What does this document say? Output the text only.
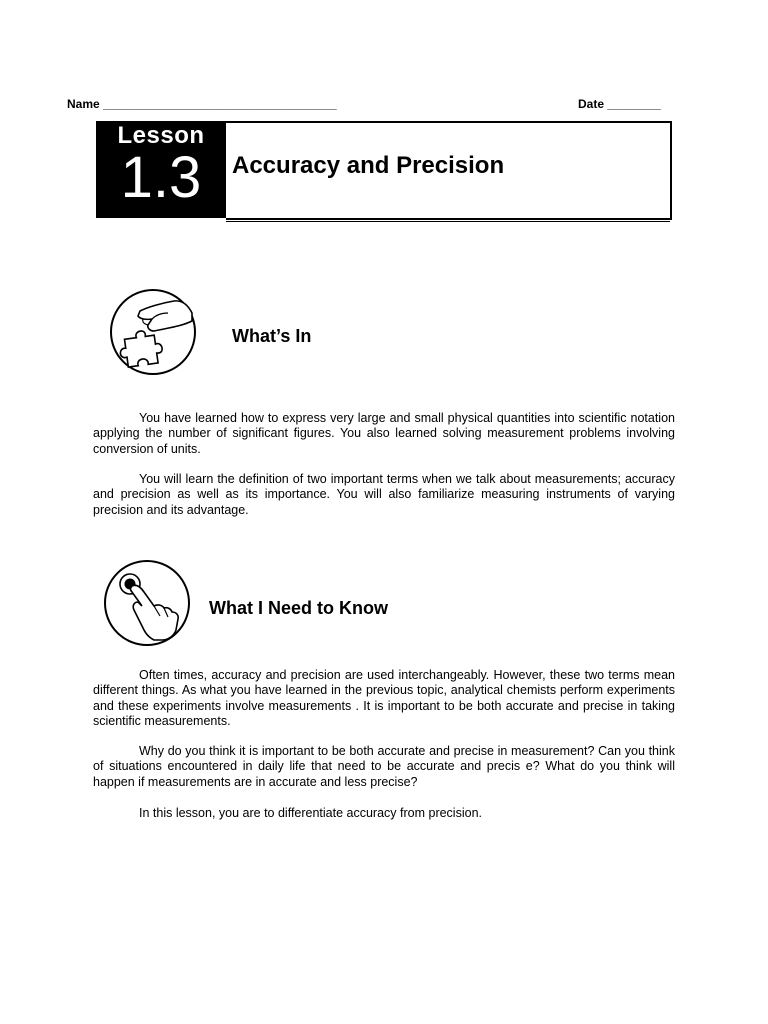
Name ___________________________________	Date ________
Lesson
1.3	Accuracy and Precision
What’s In

You have learned how to express very large and small physical quantities into scientific notation applying the number of significant figures. You also learned solving measurement problems involving conversion of units.

You will learn the definition of two important terms when we talk about measurements; accuracy and precision as well as its importance. You will also familiarize measuring instruments of varying precision and its advantage.

What I Need to Know

Often times, accuracy and precision are used interchangeably. However, these two terms mean different things. As what you have learned in the previous topic, analytical chemists perform experiments and these experiments involve measurements . It is important to be both accurate and precise in taking scientific measurements.

Why do you think it is important to be both accurate and precise in measurement? Can you think of situations encountered in daily life that need to be accurate and precis e? What do you think will happen if measurements are in accurate and less precise?

In this lesson, you are to differentiate accuracy from precision.
